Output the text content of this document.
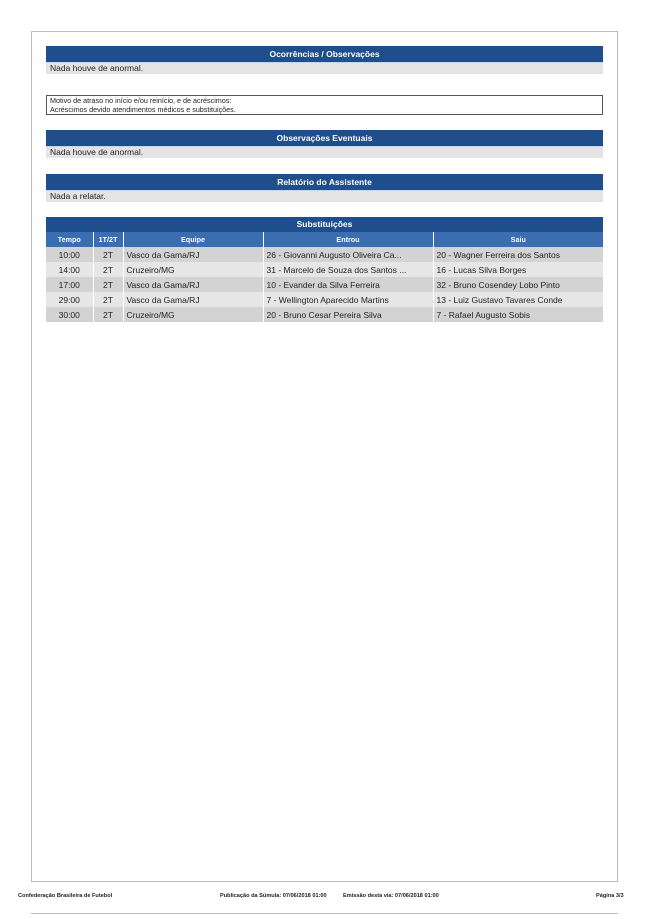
Ocorrências / Observações
Nada houve de anormal.
Motivo de atraso no início e/ou reinício, e de acréscimos:
Acréscimos devido atendimentos médicos e substituições.
Observações Eventuais
Nada houve de anormal.
Relatório do Assistente
Nada a relatar.
Substituições
Tempo	1T/2T	Equipe	Entrou	Saiu
10:00	2T	Vasco da Gama/RJ	26 - Giovanni Augusto Oliveira Ca...	20 - Wagner Ferreira dos Santos
14:00	2T	Cruzeiro/MG	31 - Marcelo de Souza dos Santos ...	16 - Lucas Silva Borges
17:00	2T	Vasco da Gama/RJ	10 - Evander da Silva Ferreira	32 - Bruno Cosendey Lobo Pinto
29:00	2T	Vasco da Gama/RJ	7 - Wellington Aparecido Martins	13 - Luiz Gustavo Tavares Conde
30:00	2T	Cruzeiro/MG	20 - Bruno Cesar Pereira Silva	7 - Rafael Augusto Sobis
Confederação Brasileira de Futebol	Publicação da Súmula: 07/06/2018 01:00	Emissão desta via: 07/06/2018 01:00	Página 3/3
